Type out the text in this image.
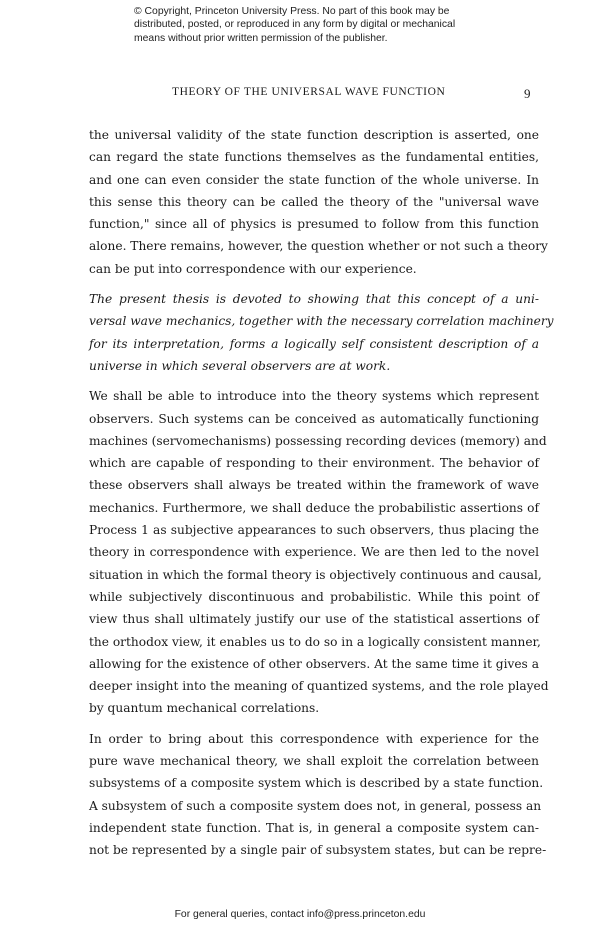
© Copyright, Princeton University Press. No part of this book may be
distributed, posted, or reproduced in any form by digital or mechanical
means without prior written permission of the publisher.
THEORY OF THE UNIVERSAL WAVE FUNCTION	9
the universal validity of the state function description is asserted, one
can regard the state functions themselves as the fundamental entities,
and one can even consider the state function of the whole universe. In
this sense this theory can be called the theory of the "universal wave
function," since all of physics is presumed to follow from this function
alone. There remains, however, the question whether or not such a theory
can be put into correspondence with our experience.
The present thesis is devoted to showing that this concept of a uni-
versal wave mechanics, together with the necessary correlation machinery
for its interpretation, forms a logically self consistent description of a
universe in which several observers are at work.
We shall be able to introduce into the theory systems which represent
observers. Such systems can be conceived as automatically functioning
machines (servomechanisms) possessing recording devices (memory) and
which are capable of responding to their environment. The behavior of
these observers shall always be treated within the framework of wave
mechanics. Furthermore, we shall deduce the probabilistic assertions of
Process 1 as subjective appearances to such observers, thus placing the
theory in correspondence with experience. We are then led to the novel
situation in which the formal theory is objectively continuous and causal,
while subjectively discontinuous and probabilistic. While this point of
view thus shall ultimately justify our use of the statistical assertions of
the orthodox view, it enables us to do so in a logically consistent manner,
allowing for the existence of other observers. At the same time it gives a
deeper insight into the meaning of quantized systems, and the role played
by quantum mechanical correlations.
In order to bring about this correspondence with experience for the
pure wave mechanical theory, we shall exploit the correlation between
subsystems of a composite system which is described by a state function.
A subsystem of such a composite system does not, in general, possess an
independent state function. That is, in general a composite system can-
not be represented by a single pair of subsystem states, but can be repre-
For general queries, contact info@press.princeton.edu
